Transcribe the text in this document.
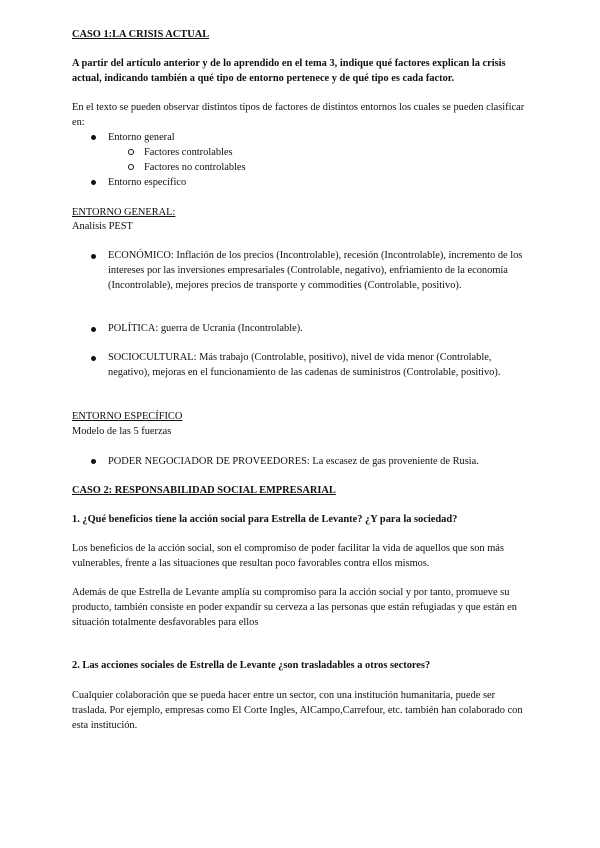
CASO 1:LA CRISIS ACTUAL
A partir del artículo anterior y de lo aprendido en el tema 3, indique qué factores explican la crisis actual, indicando también a qué tipo de entorno pertenece y de qué tipo es cada factor.
En el texto se pueden observar distintos tipos de factores de distintos entornos los cuales se pueden clasificar en:
Entorno general
Factores controlables
Factores no controlables
Entorno específico
ENTORNO GENERAL:
Analisis PEST
ECONÓMICO: Inflación de los precios (Incontrolable), recesión (Incontrolable), incremento de los intereses por las inversiones empresariales (Controlable, negativo), enfriamiento de la economía (Incontrolable), mejores precios de transporte y commodities (Controlable, positivo).
POLÍTICA: guerra de Ucrania (Incontrolable).
SOCIOCULTURAL: Más trabajo (Controlable, positivo), nivel de vida menor (Controlable, negativo), mejoras en el funcionamiento de las cadenas de suministros (Controlable, positivo).
ENTORNO ESPECÍFICO
Modelo de las 5 fuerzas
PODER NEGOCIADOR DE PROVEEDORES: La escasez de gas proveniente de Rusia.
CASO 2: RESPONSABILIDAD SOCIAL EMPRESARIAL
1. ¿Qué beneficios tiene la acción social para Estrella de Levante? ¿Y para la sociedad?
Los beneficios de la acción social, son el compromiso de poder facilitar la vida de aquellos que son más vulnerables, frente a las situaciones que resultan poco favorables contra ellos mismos.
Además de que Estrella de Levante amplía su compromiso para la acción social y por tanto, promueve su producto, también consiste en poder expandir su cerveza a las personas que están refugiadas y que están en situación totalmente desfavorables para ellos
2. Las acciones sociales de Estrella de Levante ¿son trasladables a otros sectores?
Cualquier colaboración que se pueda hacer entre un sector, con una institución humanitaria, puede ser traslada. Por ejemplo, empresas como El Corte Ingles, AlCampo,Carrefour, etc. también han colaborado con esta institución.
